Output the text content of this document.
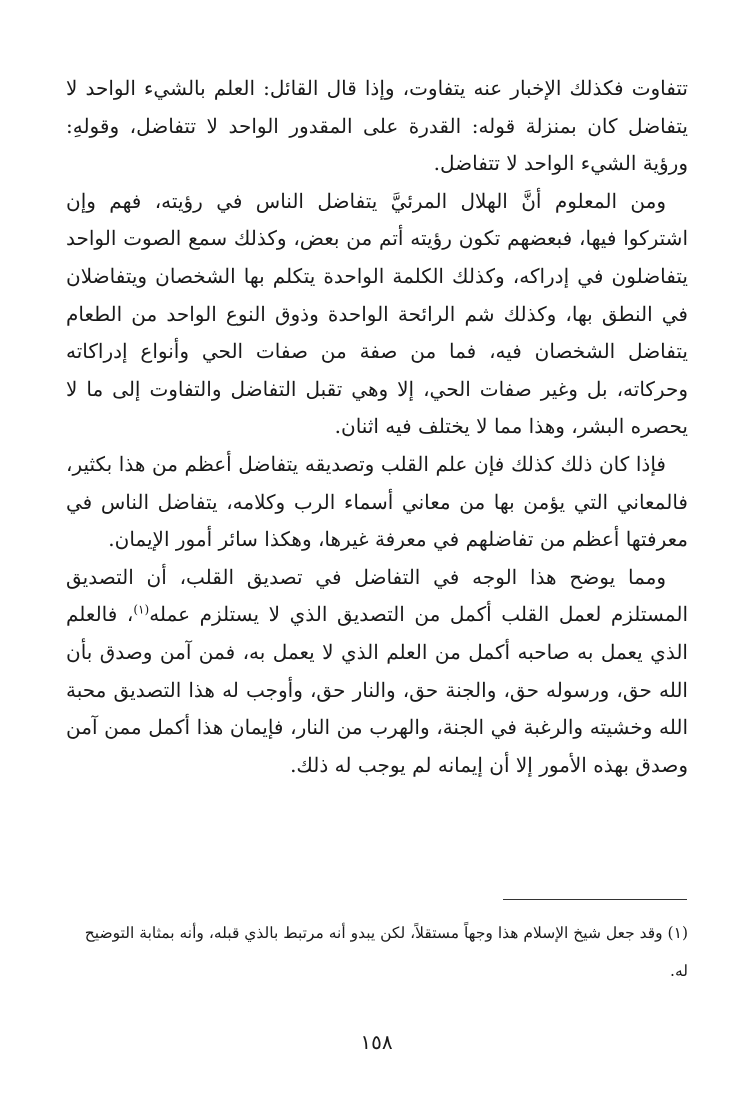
تتفاوت فكذلك الإخبار عنه يتفاوت، وإذا قال القائل: العلم بالشيء الواحد لا يتفاضل كان بمنزلة قوله: القدرة على المقدور الواحد لا تتفاضل، وقولهِ: ورؤية الشيء الواحد لا تتفاضل.

ومن المعلوم أنَّ الهلال المرئيَّ يتفاضل الناس في رؤيته، فهم وإن اشتركوا فيها، فبعضهم تكون رؤيته أتم من بعض، وكذلك سمع الصوت الواحد يتفاضلون في إدراكه، وكذلك الكلمة الواحدة يتكلم بها الشخصان ويتفاضلان في النطق بها، وكذلك شم الرائحة الواحدة وذوق النوع الواحد من الطعام يتفاضل الشخصان فيه، فما من صفة من صفات الحي وأنواع إدراكاته وحركاته، بل وغير صفات الحي، إلا وهي تقبل التفاضل والتفاوت إلى ما لا يحصره البشر، وهذا مما لا يختلف فيه اثنان.

فإذا كان ذلك كذلك فإن علم القلب وتصديقه يتفاضل أعظم من هذا بكثير، فالمعاني التي يؤمن بها من معاني أسماء الرب وكلامه، يتفاضل الناس في معرفتها أعظم من تفاضلهم في معرفة غيرها، وهكذا سائر أمور الإيمان.

ومما يوضح هذا الوجه في التفاضل في تصديق القلب، أن التصديق المستلزم لعمل القلب أكمل من التصديق الذي لا يستلزم عمله$^{(١)}$، فالعلم الذي يعمل به صاحبه أكمل من العلم الذي لا يعمل به، فمن آمن وصدق بأن الله حق، ورسوله حق، والجنة حق، والنار حق، وأوجب له هذا التصديق محبة الله وخشيته والرغبة في الجنة، والهرب من النار، فإيمان هذا أكمل ممن آمن وصدق بهذه الأمور إلا أن إيمانه لم يوجب له ذلك.

(١) وقد جعل شيخ الإسلام هذا وجهاً مستقلاً، لكن يبدو أنه مرتبط بالذي قبله، وأنه بمثابة التوضيح له.

١٥٨
